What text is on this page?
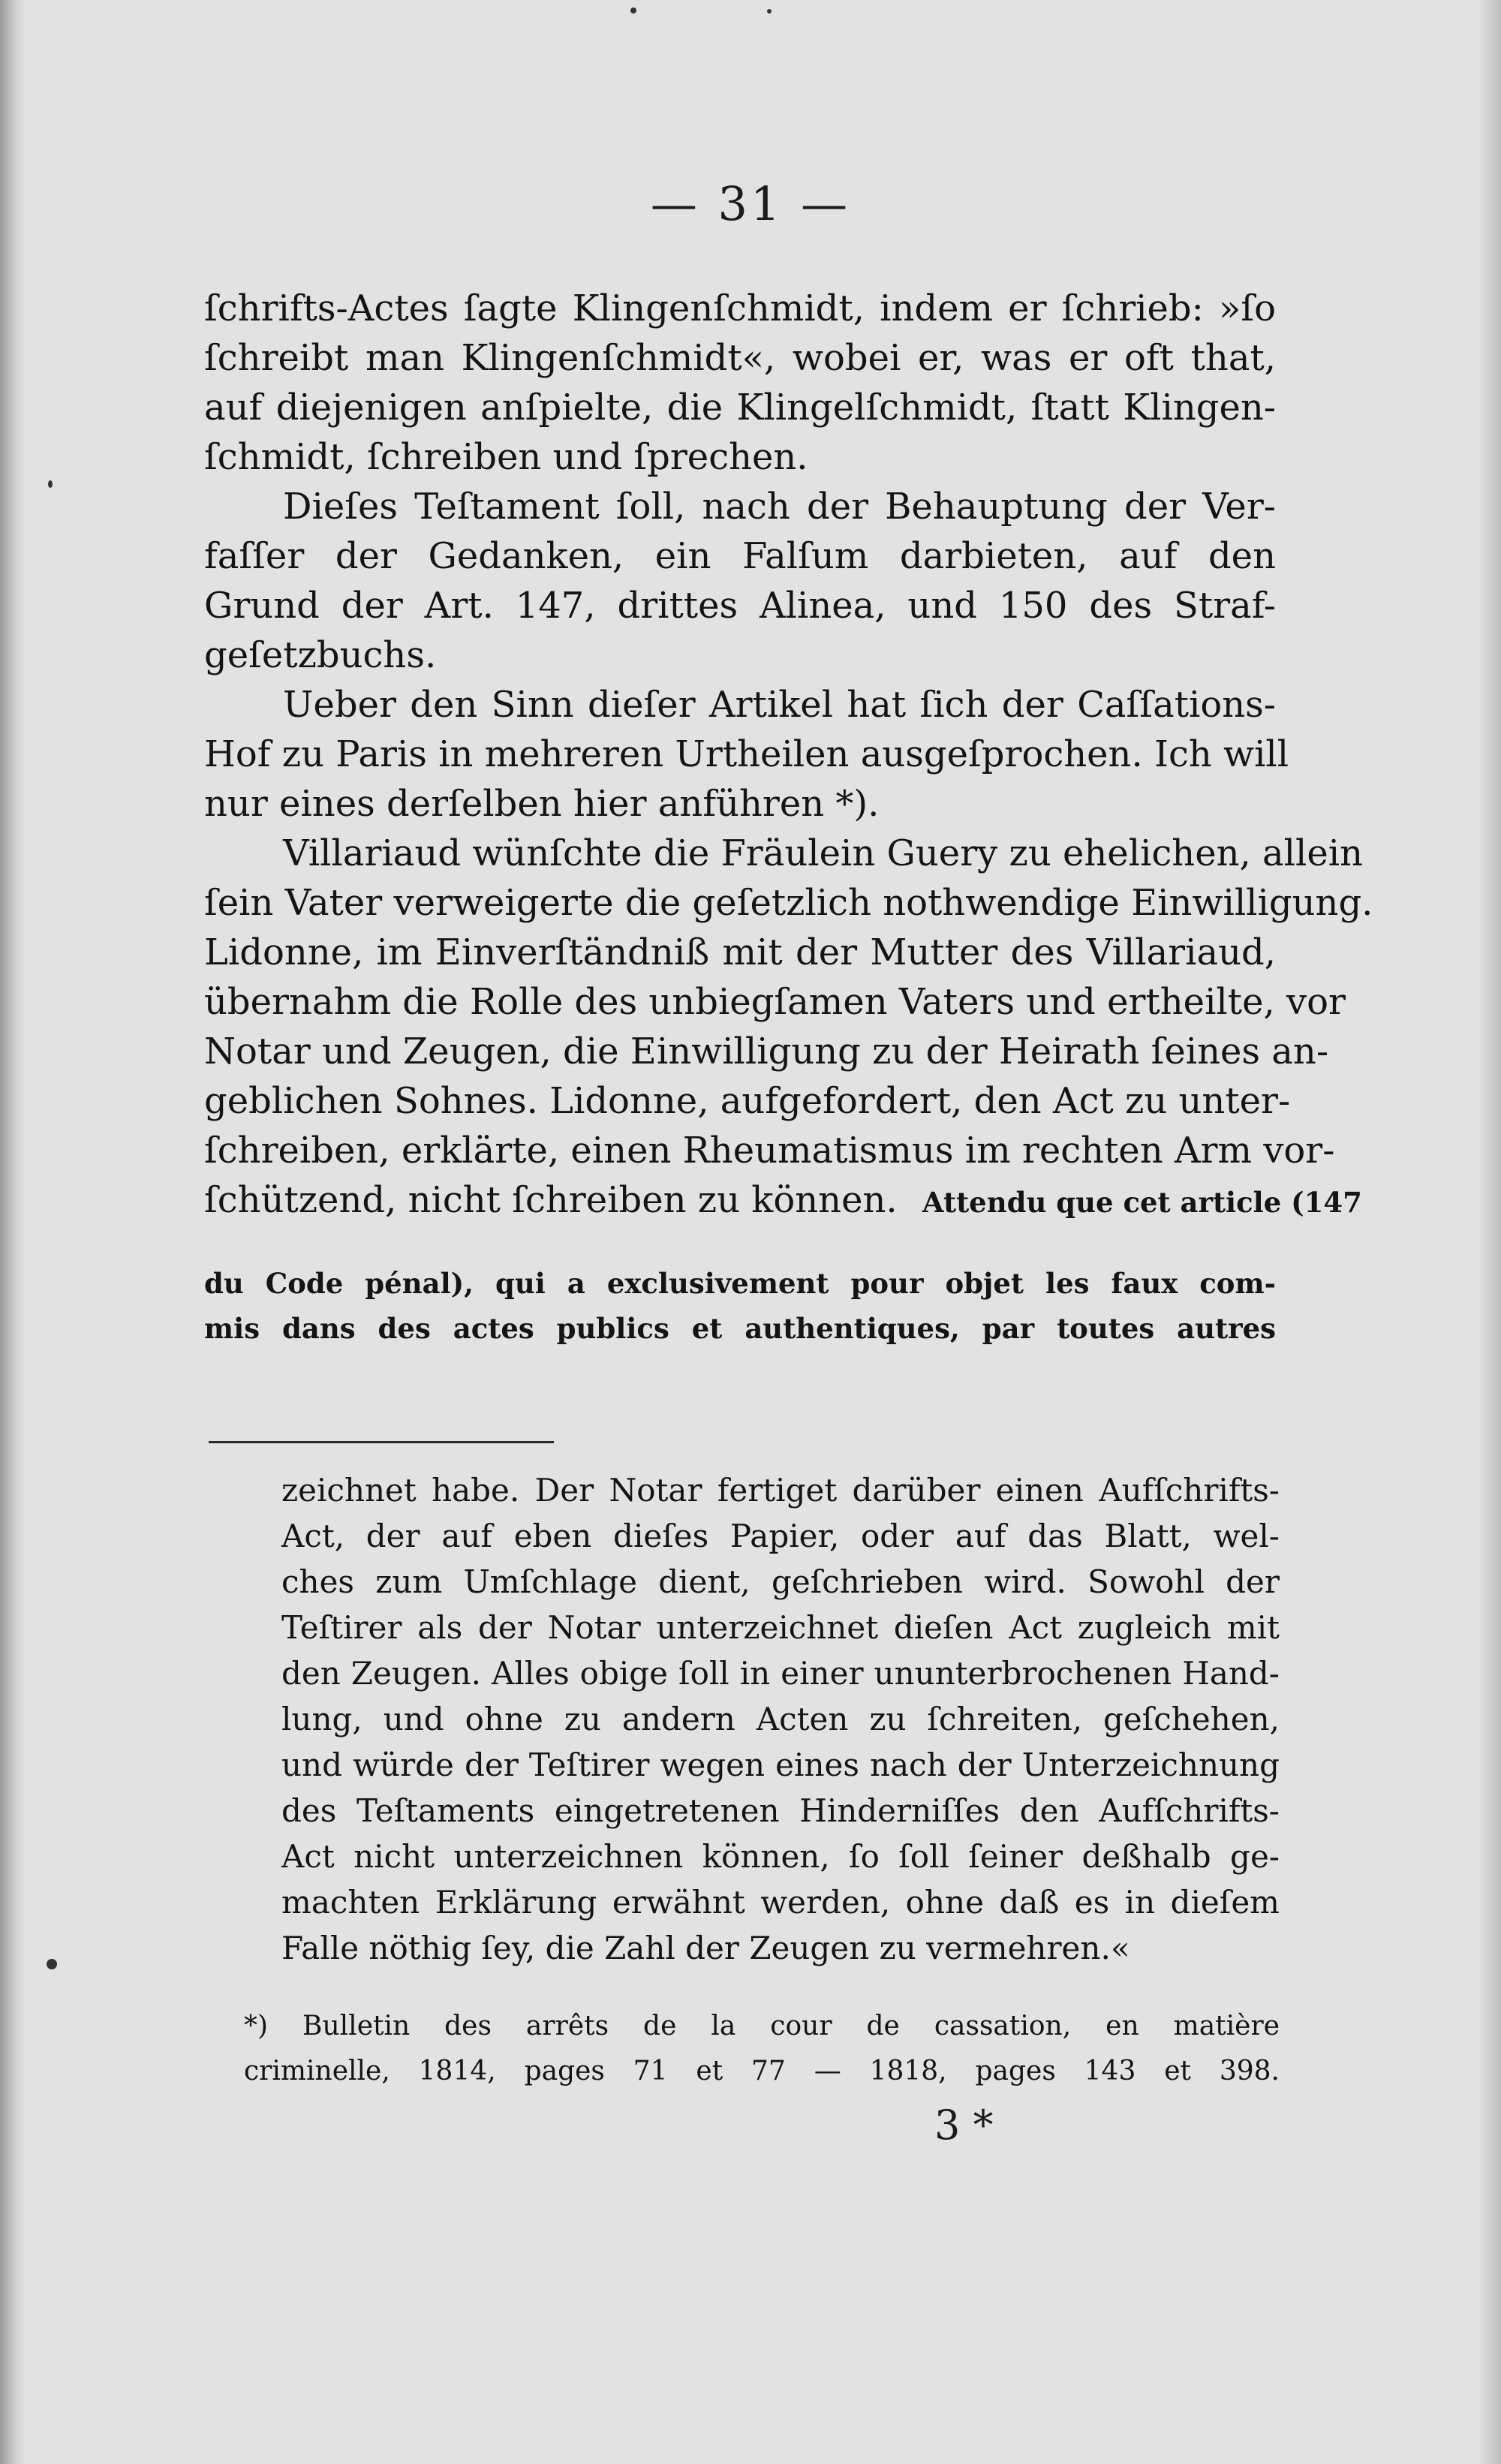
— 31 —
ſchrifts-Actes ſagte Klingenſchmidt, indem er ſchrieb: »ſo
ſchreibt man Klingenſchmidt«, wobei er, was er oft that,
auf diejenigen anſpielte, die Klingelſchmidt, ſtatt Klingen-
ſchmidt, ſchreiben und ſprechen.
Dieſes Teſtament ſoll, nach der Behauptung der Ver-
faſſer der Gedanken, ein Falſum darbieten, auf den
Grund der Art. 147, drittes Alinea, und 150 des Straf-
geſetzbuchs.
Ueber den Sinn dieſer Artikel hat ſich der Caſſations-
Hof zu Paris in mehreren Urtheilen ausgeſprochen. Ich will
nur eines derſelben hier anführen *).
Villariaud wünſchte die Fräulein Guery zu ehelichen, allein
ſein Vater verweigerte die geſetzlich nothwendige Einwilligung.
Lidonne, im Einverſtändniß mit der Mutter des Villariaud,
übernahm die Rolle des unbiegſamen Vaters und ertheilte, vor
Notar und Zeugen, die Einwilligung zu der Heirath ſeines an-
geblichen Sohnes. Lidonne, aufgefordert, den Act zu unter-
ſchreiben, erklärte, einen Rheumatismus im rechten Arm vor-
ſchützend, nicht ſchreiben zu können. Attendu que cet article (147
du Code pénal), qui a exclusivement pour objet les faux com-
mis dans des actes publics et authentiques, par toutes autres
zeichnet habe. Der Notar fertiget darüber einen Aufſchrifts-
Act, der auf eben dieſes Papier, oder auf das Blatt, wel-
ches zum Umſchlage dient, geſchrieben wird. Sowohl der
Teſtirer als der Notar unterzeichnet dieſen Act zugleich mit
den Zeugen. Alles obige ſoll in einer ununterbrochenen Hand-
lung, und ohne zu andern Acten zu ſchreiten, geſchehen,
und würde der Teſtirer wegen eines nach der Unterzeichnung
des Teſtaments eingetretenen Hinderniſſes den Aufſchrifts-
Act nicht unterzeichnen können, ſo ſoll ſeiner deßhalb ge-
machten Erklärung erwähnt werden, ohne daß es in dieſem
Falle nöthig ſey, die Zahl der Zeugen zu vermehren.«
*) Bulletin des arrêts de la cour de cassation, en matière
criminelle, 1814, pages 71 et 77 — 1818, pages 143 et 398.
3 *
